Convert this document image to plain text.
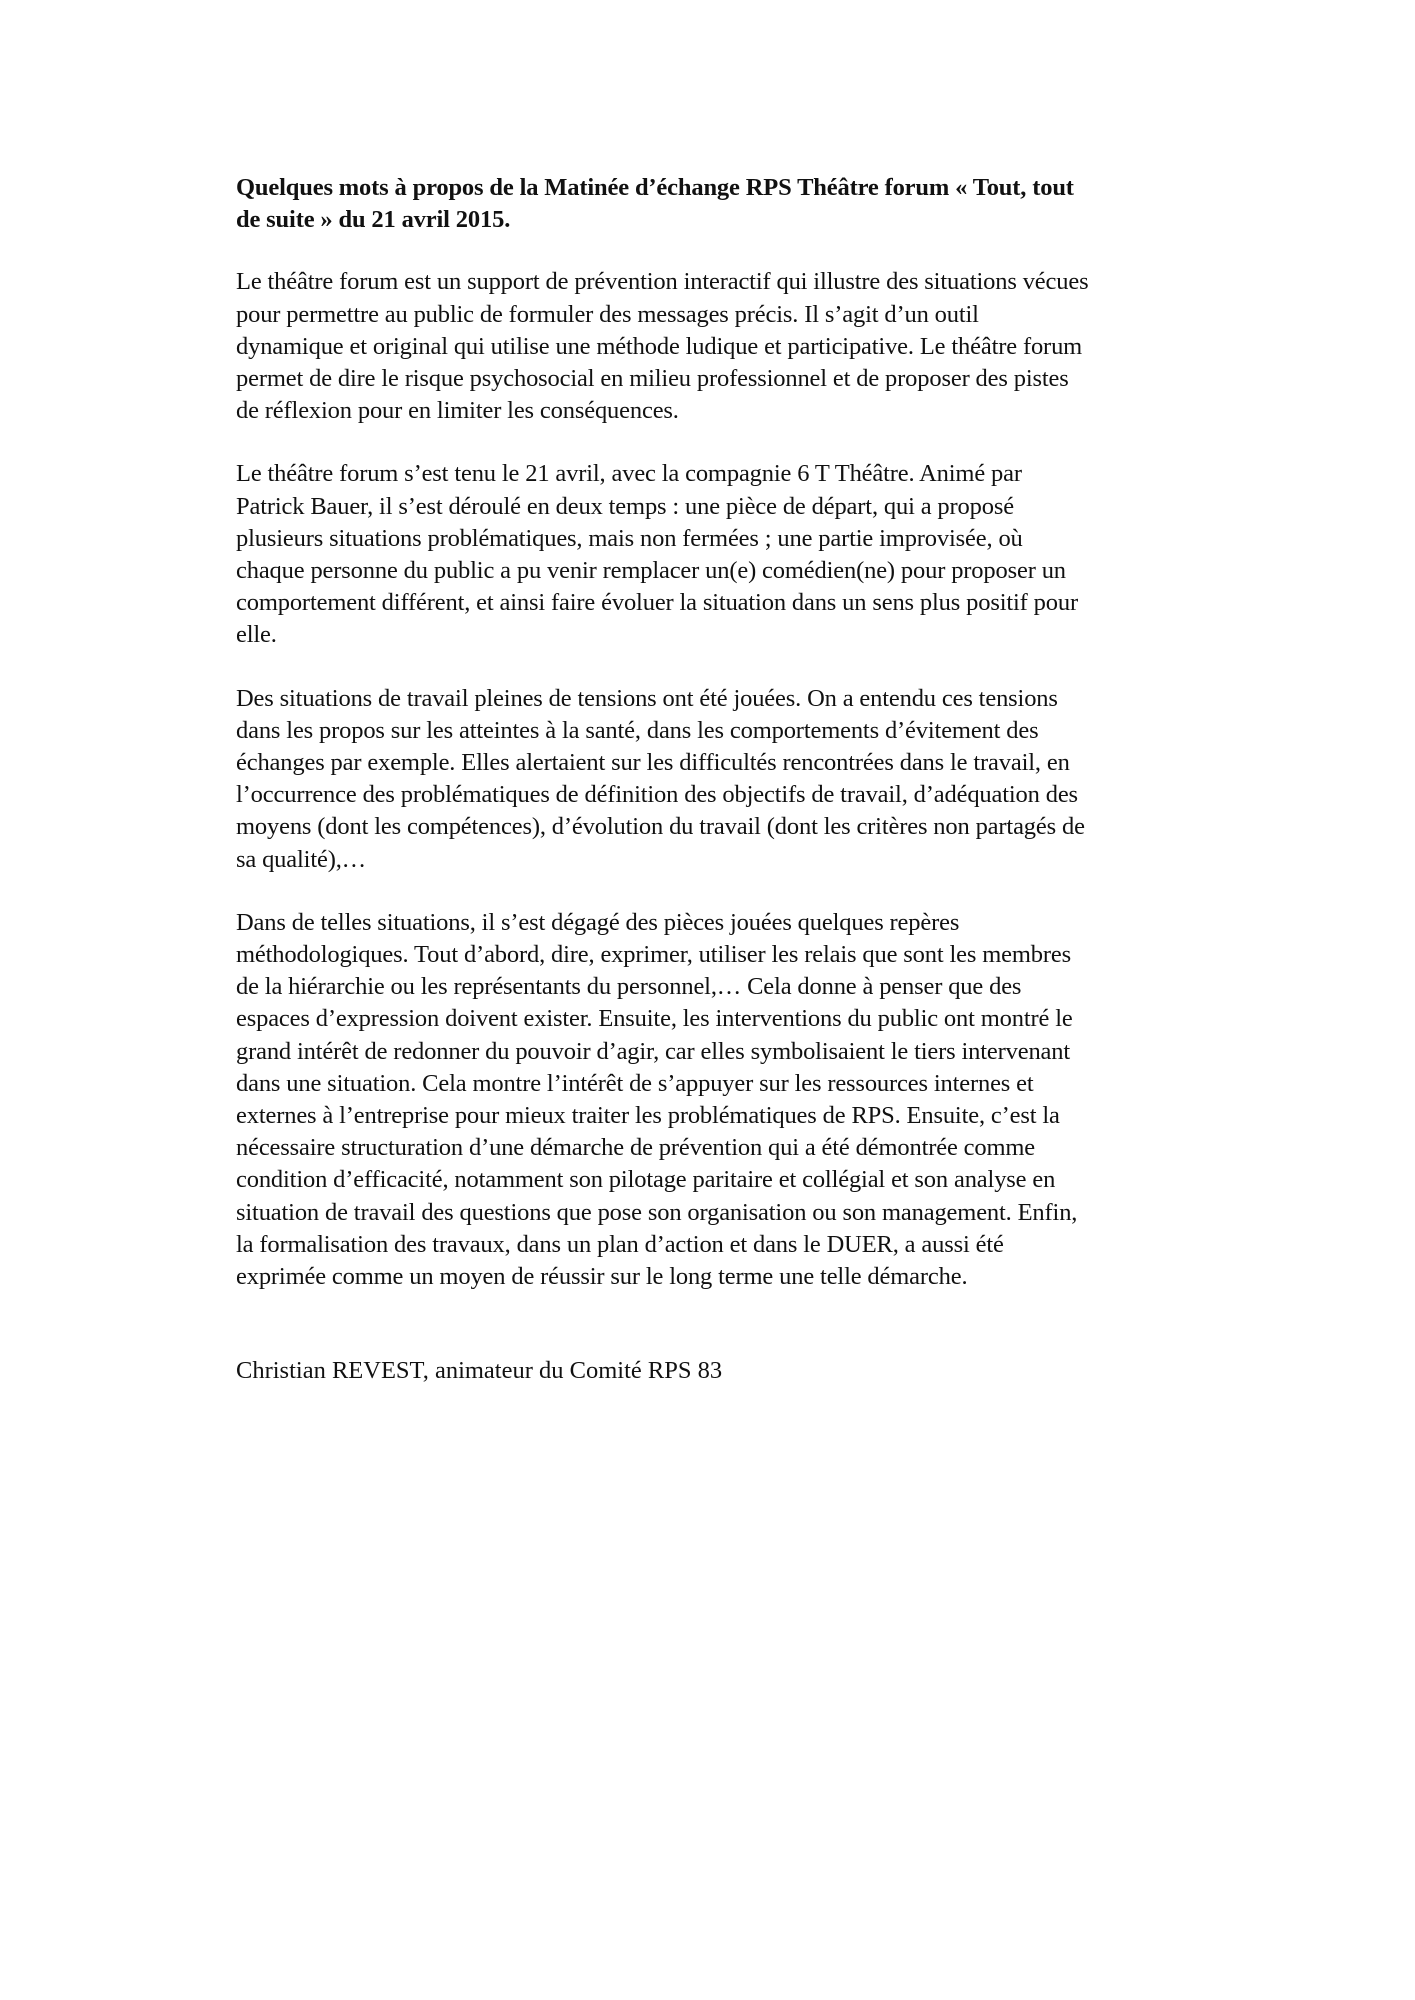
Quelques mots à propos de la Matinée d’échange RPS Théâtre forum « Tout, tout
de suite » du 21 avril 2015.
Le théâtre forum est un support de prévention interactif qui illustre des situations vécues
pour permettre au public de formuler des messages précis. Il s’agit d’un outil
dynamique et original qui utilise une méthode ludique et participative. Le théâtre forum
permet de dire le risque psychosocial en milieu professionnel et de proposer des pistes
de réflexion pour en limiter les conséquences.
Le théâtre forum s’est tenu le 21 avril, avec la compagnie 6 T Théâtre. Animé par
Patrick Bauer, il s’est déroulé en deux temps : une pièce de départ, qui a proposé
plusieurs situations problématiques, mais non fermées ; une partie improvisée, où
chaque personne du public a pu venir remplacer un(e) comédien(ne) pour proposer un
comportement différent, et ainsi faire évoluer la situation dans un sens plus positif pour
elle.
Des situations de travail pleines de tensions ont été jouées. On a entendu ces tensions
dans les propos sur les atteintes à la santé, dans les comportements d’évitement des
échanges par exemple. Elles alertaient sur les difficultés rencontrées dans le travail, en
l’occurrence des problématiques de définition des objectifs de travail, d’adéquation des
moyens (dont les compétences), d’évolution du travail (dont les critères non partagés de
sa qualité),…
Dans de telles situations, il s’est dégagé des pièces jouées quelques repères
méthodologiques. Tout d’abord, dire, exprimer, utiliser les relais que sont les membres
de la hiérarchie ou les représentants du personnel,… Cela donne à penser que des
espaces d’expression doivent exister. Ensuite, les interventions du public ont montré le
grand intérêt de redonner du pouvoir d’agir, car elles symbolisaient le tiers intervenant
dans une situation. Cela montre l’intérêt de s’appuyer sur les ressources internes et
externes à l’entreprise pour mieux traiter les problématiques de RPS. Ensuite, c’est la
nécessaire structuration d’une démarche de prévention qui a été démontrée comme
condition d’efficacité, notamment son pilotage paritaire et collégial et son analyse en
situation de travail des questions que pose son organisation ou son management. Enfin,
la formalisation des travaux, dans un plan d’action et dans le DUER, a aussi été
exprimée comme un moyen de réussir sur le long terme une telle démarche.
Christian REVEST, animateur du Comité RPS 83
